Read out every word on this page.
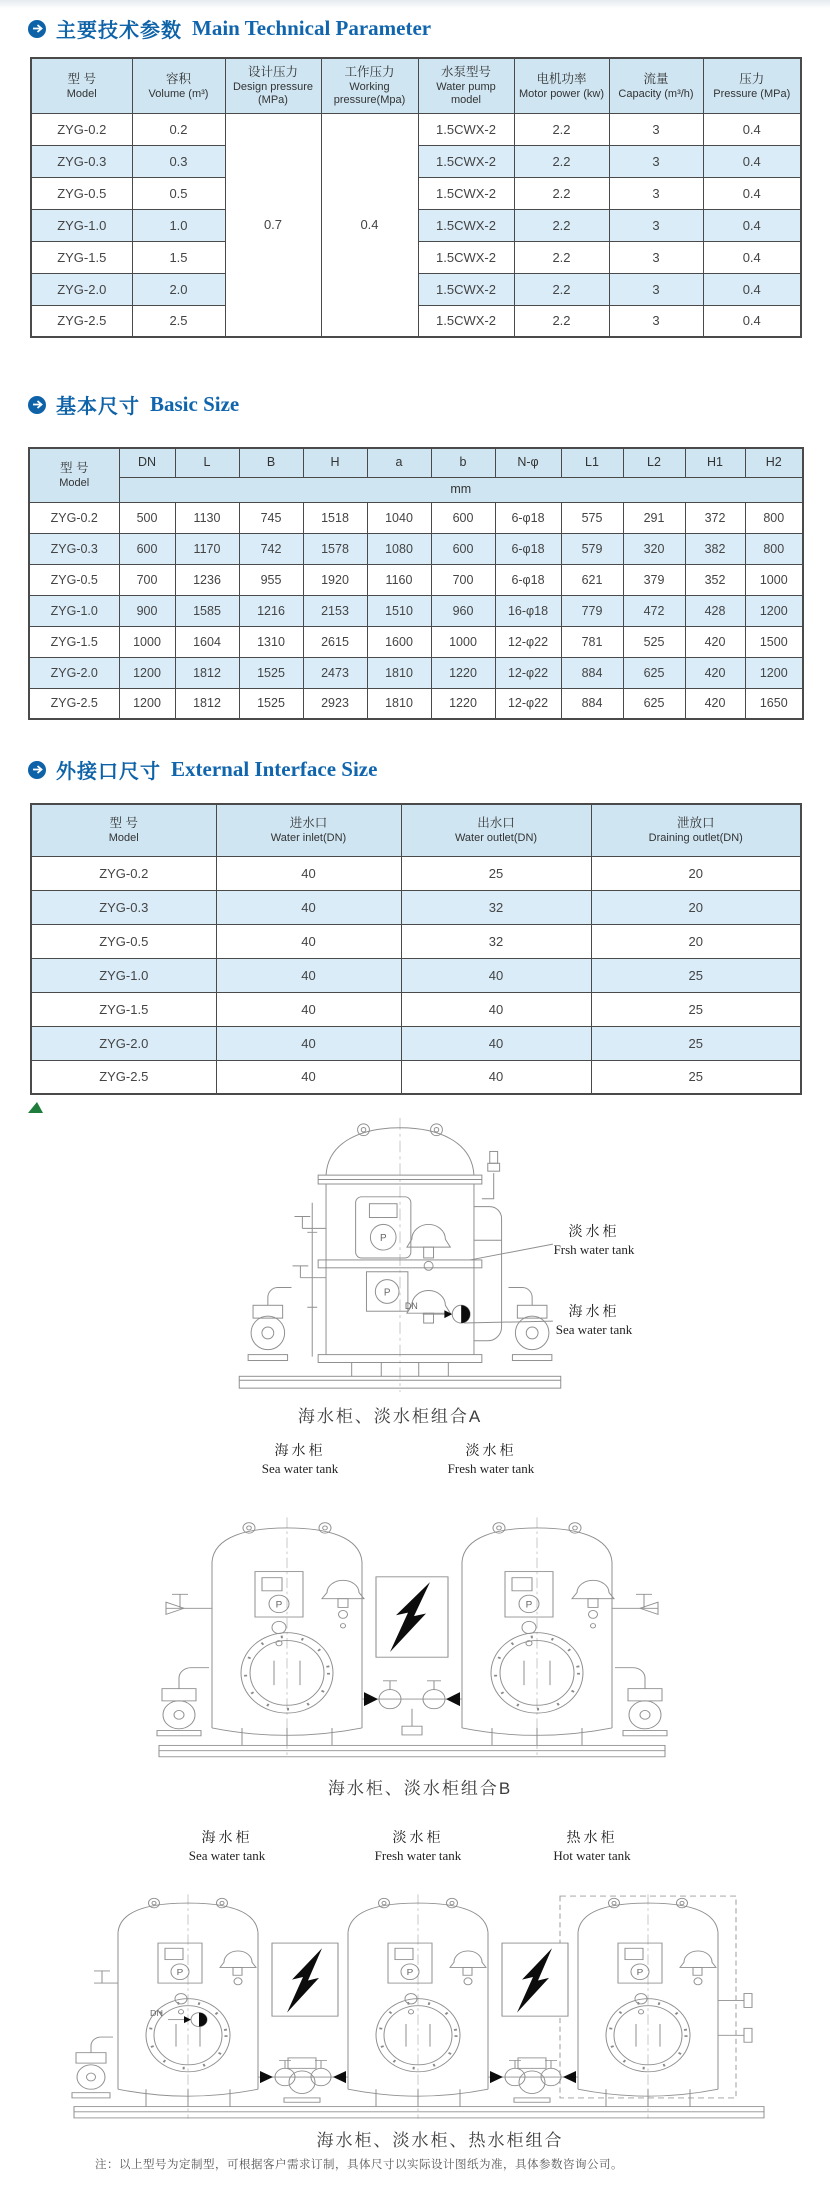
主要技术参数 Main Technical Parameter
型 号
Model

容积
Volume (m³)

设计压力
Design pressure (MPa)

工作压力
Working pressure(Mpa)

水泵型号
Water pump model

电机功率
Motor power (kw)

流量
Capacity (m³/h)

压力
Pressure (MPa)

ZYG-0.2	0.2	0.7	0.4	1.5CWX-2	2.2	3	0.4
ZYG-0.3	0.3			1.5CWX-2	2.2	3	0.4
ZYG-0.5	0.5			1.5CWX-2	2.2	3	0.4
ZYG-1.0	1.0			1.5CWX-2	2.2	3	0.4
ZYG-1.5	1.5			1.5CWX-2	2.2	3	0.4
ZYG-2.0	2.0			1.5CWX-2	2.2	3	0.4
ZYG-2.5	2.5			1.5CWX-2	2.2	3	0.4
基本尺寸 Basic Size
型 号
Model	DN	L	B	H	a	b	N-φ	L1	L2	H1	H2

	mm										

ZYG-0.2	500	1130	745	1518	1040	600	6-φ18	575	291	372	800
ZYG-0.3	600	1170	742	1578	1080	600	6-φ18	579	320	382	800
ZYG-0.5	700	1236	955	1920	1160	700	6-φ18	621	379	352	1000
ZYG-1.0	900	1585	1216	2153	1510	960	16-φ18	779	472	428	1200
ZYG-1.5	1000	1604	1310	2615	1600	1000	12-φ22	781	525	420	1500
ZYG-2.0	1200	1812	1525	2473	1810	1220	12-φ22	884	625	420	1200
ZYG-2.5	1200	1812	1525	2923	1810	1220	12-φ22	884	625	420	1650
外接口尺寸 External Interface Size
型 号
Model

进水口
Water inlet(DN)

出水口
Water outlet(DN)

泄放口
Draining outlet(DN)

ZYG-0.2	40	25	20
ZYG-0.3	40	32	20
ZYG-0.5	40	32	20
ZYG-1.0	40	40	25
ZYG-1.5	40	40	25
ZYG-2.0	40	40	25
ZYG-2.5	40	40	25
P
P
DN
淡水柜
Frsh water tank
海水柜
Sea water tank
海水柜、淡水柜组合A
海水柜
Sea water tank
淡水柜
Fresh water tank
P	P
海水柜、淡水柜组合B
海水柜
Sea water tank
淡水柜
Fresh water tank
热水柜
Hot water tank
P	P	P
DN
海水柜、淡水柜、热水柜组合
注：以上型号为定制型，可根据客户需求订制，具体尺寸以实际设计图纸为准，具体参数咨询公司。
